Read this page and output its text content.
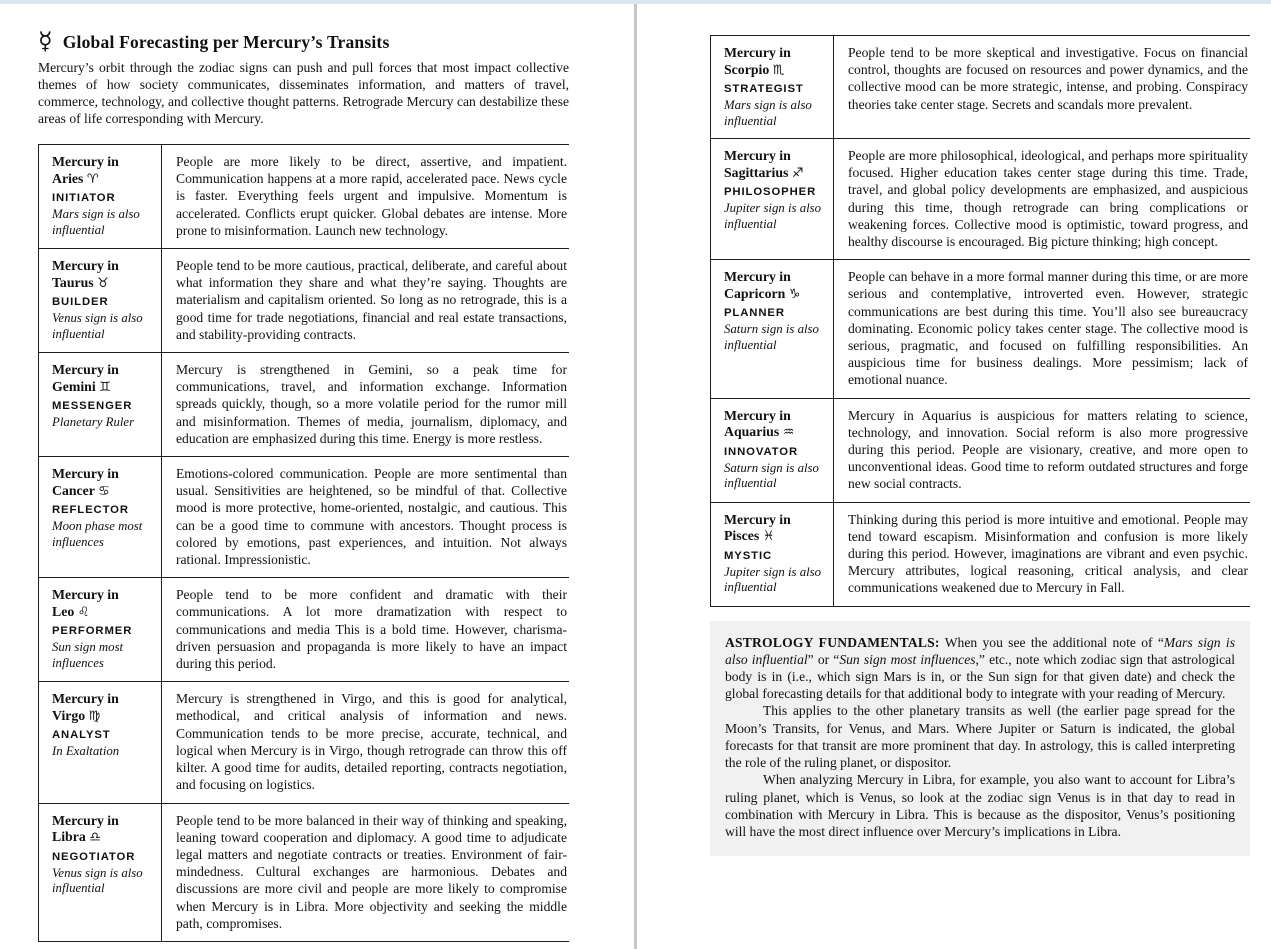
☿ Global Forecasting per Mercury’s Transits

Mercury’s orbit through the zodiac signs can push and pull forces that most impact collective themes of how society communicates, disseminates information, and matters of travel, commerce, technology, and collective thought patterns. Retrograde Mercury can destabilize these areas of life corresponding with Mercury.

Mercury in
Aries ♈
INITIATOR
Mars sign is also influential
	People are more likely to be direct, assertive, and impatient. Communication happens at a more rapid, accelerated pace. News cycle is faster. Everything feels urgent and impulsive. Momentum is accelerated. Conflicts erupt quicker. Global debates are intense. More prone to misinformation. Launch new technology.

Mercury in
Taurus ♉
BUILDER
Venus sign is also influential
	People tend to be more cautious, practical, deliberate, and careful about what information they share and what they’re saying. Thoughts are materialism and capitalism oriented. So long as no retrograde, this is a good time for trade negotiations, financial and real estate transactions, and stability-providing contracts.

Mercury in
Gemini ♊
MESSENGER
Planetary Ruler
	Mercury is strengthened in Gemini, so a peak time for communications, travel, and information exchange. Information spreads quickly, though, so a more volatile period for the rumor mill and misinformation. Themes of media, journalism, diplomacy, and education are emphasized during this time. Energy is more restless.

Mercury in
Cancer ♋
REFLECTOR
Moon phase most influences
	Emotions-colored communication. People are more sentimental than usual. Sensitivities are heightened, so be mindful of that. Collective mood is more protective, home-oriented, nostalgic, and cautious. This can be a good time to commune with ancestors. Thought process is colored by emotions, past experiences, and intuition. Not always rational. Impressionistic.

Mercury in
Leo ♌
PERFORMER
Sun sign most influences
	People tend to be more confident and dramatic with their communications. A lot more dramatization with respect to communications and media This is a bold time. However, charisma-driven persuasion and propaganda is more likely to have an impact during this period.

Mercury in
Virgo ♍
ANALYST
In Exaltation
	Mercury is strengthened in Virgo, and this is good for analytical, methodical, and critical analysis of information and news. Communication tends to be more precise, accurate, technical, and logical when Mercury is in Virgo, though retrograde can throw this off kilter. A good time for audits, detailed reporting, contracts negotiation, and focusing on logistics.

Mercury in
Libra ♎
NEGOTIATOR
Venus sign is also influential
	People tend to be more balanced in their way of thinking and speaking, leaning toward cooperation and diplomacy. A good time to adjudicate legal matters and negotiate contracts or treaties. Environment of fair-mindedness. Cultural exchanges are harmonious. Debates and discussions are more civil and people are more likely to compromise when Mercury is in Libra. More objectivity and seeking the middle path, compromises.
Mercury in
Scorpio ♏
STRATEGIST
Mars sign is also influential
	People tend to be more skeptical and investigative. Focus on financial control, thoughts are focused on resources and power dynamics, and the collective mood can be more strategic, intense, and probing. Conspiracy theories take center stage. Secrets and scandals more prevalent.

Mercury in
Sagittarius ♐
PHILOSOPHER
Jupiter sign is also influential
	People are more philosophical, ideological, and perhaps more spirituality focused. Higher education takes center stage during this time. Trade, travel, and global policy developments are emphasized, and auspicious during this time, though retrograde can bring complications or weakening forces. Collective mood is optimistic, toward progress, and healthy discourse is encouraged. Big picture thinking; high concept.

Mercury in
Capricorn ♑
PLANNER
Saturn sign is also influential
	People can behave in a more formal manner during this time, or are more serious and contemplative, introverted even. However, strategic communications are best during this time. You’ll also see bureaucracy dominating. Economic policy takes center stage. The collective mood is serious, pragmatic, and focused on fulfilling responsibilities. An auspicious time for business dealings. More pessimism; lack of emotional nuance.

Mercury in
Aquarius ♒
INNOVATOR
Saturn sign is also influential
	Mercury in Aquarius is auspicious for matters relating to science, technology, and innovation. Social reform is also more progressive during this period. People are visionary, creative, and more open to unconventional ideas. Good time to reform outdated structures and forge new social contracts.

Mercury in
Pisces ♓
MYSTIC
Jupiter sign is also influential
	Thinking during this period is more intuitive and emotional. People may tend toward escapism. Misinformation and confusion is more likely during this period. However, imaginations are vibrant and even psychic. Mercury attributes, logical reasoning, critical analysis, and clear communications weakened due to Mercury in Fall.

ASTROLOGY FUNDAMENTALS: When you see the additional note of “Mars sign is also influential” or “Sun sign most influences,” etc., note which zodiac sign that astrological body is in (i.e., which sign Mars is in, or the Sun sign for that given date) and check the global forecasting details for that additional body to integrate with your reading of Mercury.

This applies to the other planetary transits as well (the earlier page spread for the Moon’s Transits, for Venus, and Mars. Where Jupiter or Saturn is indicated, the global forecasts for that transit are more prominent that day. In astrology, this is called interpreting the role of the ruling planet, or dispositor.

When analyzing Mercury in Libra, for example, you also want to account for Libra’s ruling planet, which is Venus, so look at the zodiac sign Venus is in that day to read in combination with Mercury in Libra. This is because as the dispositor, Venus’s positioning will have the most direct influence over Mercury’s implications in Libra.
